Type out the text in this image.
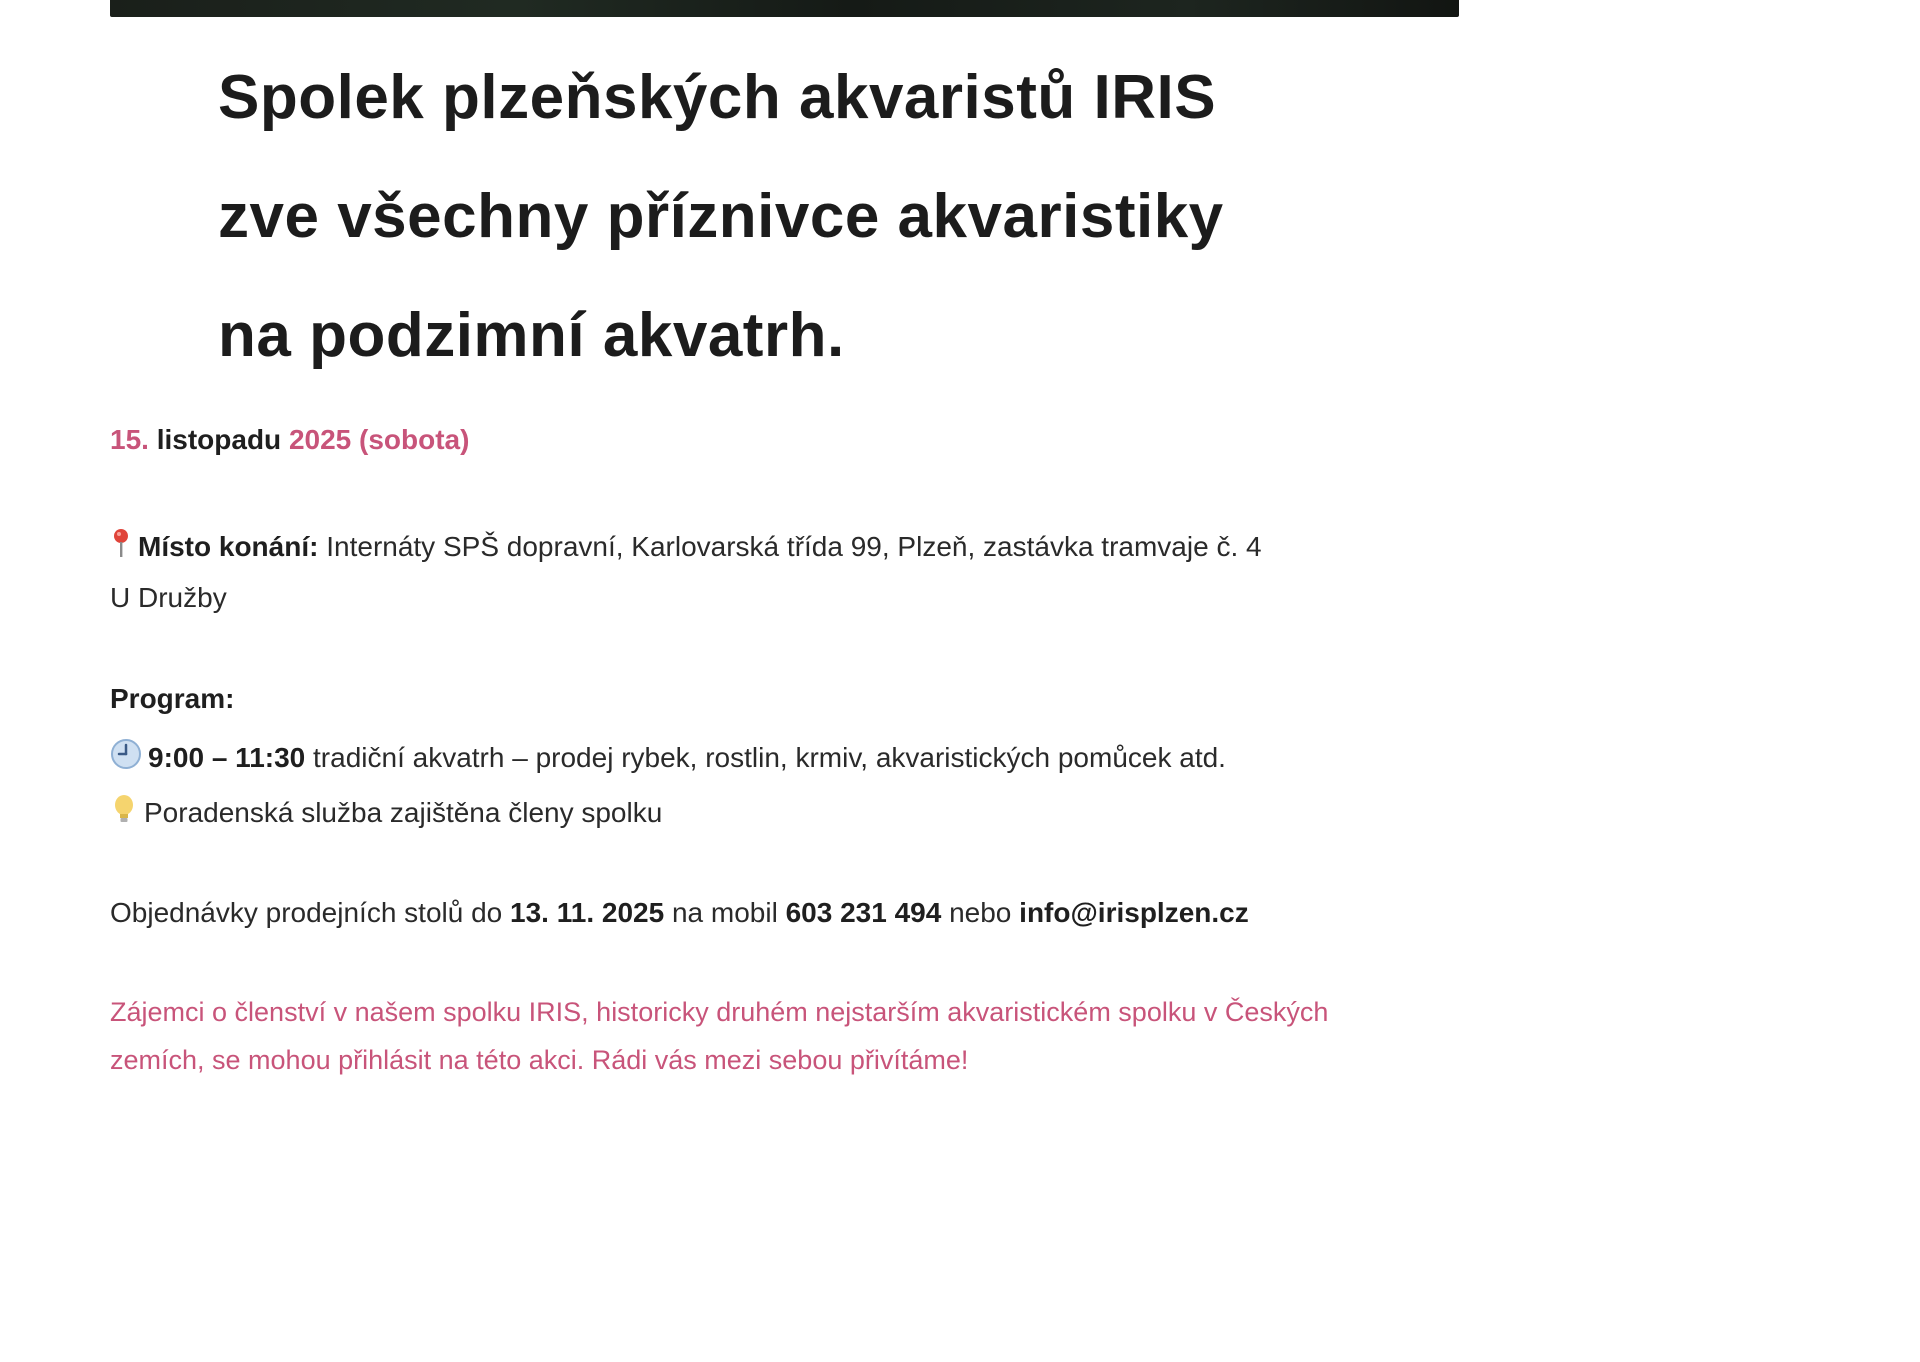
Spolek plzeňských akvaristů IRIS
zve všechny příznivce akvaristiky
na podzimní akvatrh.
15. listopadu 2025 (sobota)
Místo konání: Internáty SPŠ dopravní, Karlovarská třída 99, Plzeň, zastávka tramvaje č. 4
U Družby
Program:
9:00 – 11:30 tradiční akvatrh – prodej rybek, rostlin, krmiv, akvaristických pomůcek atd.
Poradenská služba zajištěna členy spolku
Objednávky prodejních stolů do 13. 11. 2025 na mobil 603 231 494 nebo info@irisplzen.cz
Zájemci o členství v našem spolku IRIS, historicky druhém nejstarším akvaristickém spolku v Českých
zemích, se mohou přihlásit na této akci. Rádi vás mezi sebou přivítáme!
